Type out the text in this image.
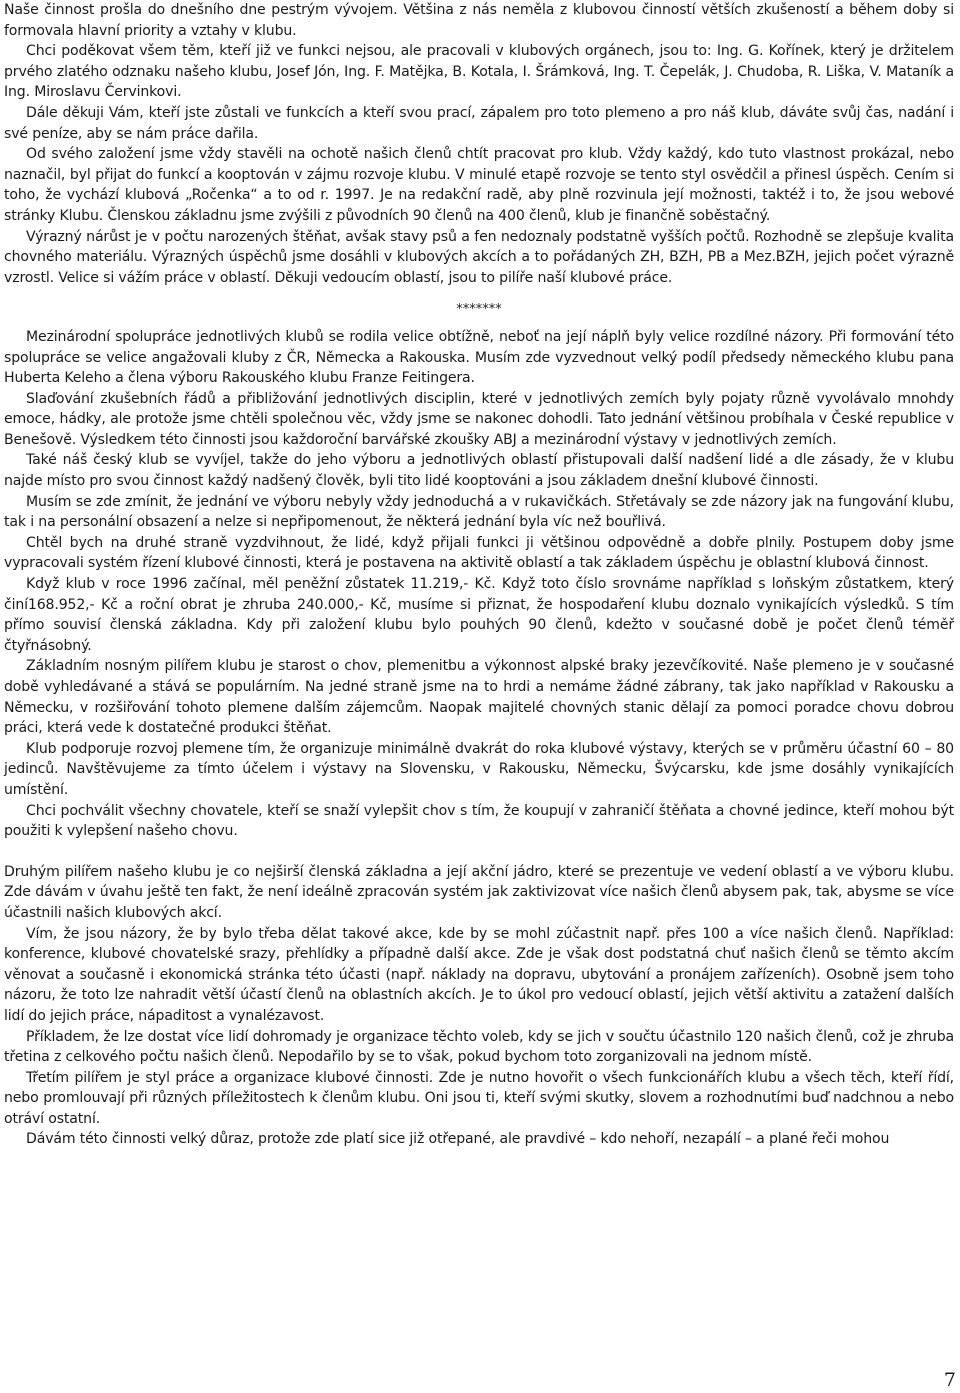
Naše činnost prošla do dnešního dne pestrým vývojem. Většina z nás neměla z klubovou činností větších zkušeností a během doby si formovala hlavní priority a vztahy v klubu.

Chci poděkovat všem těm, kteří již ve funkci nejsou, ale pracovali v klubových orgánech, jsou to: Ing. G. Kořínek, který je držitelem prvého zlatého odznaku našeho klubu, Josef Jón, Ing. F. Matějka, B. Kotala, I. Šrámková, Ing. T. Čepelák, J. Chudoba, R. Liška, V. Mataník a Ing. Miroslavu Červinkovi.

Dále děkuji Vám, kteří jste zůstali ve funkcích a kteří svou prací, zápalem pro toto plemeno a pro náš klub, dáváte svůj čas, nadání i své peníze, aby se nám práce dařila.

Od svého založení jsme vždy stavěli na ochotě našich členů chtít pracovat pro klub. Vždy každý, kdo tuto vlastnost prokázal, nebo naznačil, byl přijat do funkcí a kooptován v zájmu rozvoje klubu. V minulé etapě rozvoje se tento styl osvědčil a přinesl úspěch. Cením si toho, že vychází klubová „Ročenka“ a to od r. 1997. Je na redakční radě, aby plně rozvinula její možnosti, taktéž i to, že jsou webové stránky Klubu. Členskou základnu jsme zvýšili z původních 90 členů na 400 členů, klub je finančně soběstačný.

Výrazný nárůst je v počtu narozených štěňat, avšak stavy psů a fen nedoznaly podstatně vyšších počtů. Rozhodně se zlepšuje kvalita chovného materiálu. Výrazných úspěchů jsme dosáhli v klubových akcích a to pořádaných ZH, BZH, PB a Mez.BZH, jejich počet výrazně vzrostl. Velice si vážím práce v oblastí. Děkuji vedoucím oblastí, jsou to pilíře naší klubové práce.

*******

Mezinárodní spolupráce jednotlivých klubů se rodila velice obtížně, neboť na její náplň byly velice rozdílné názory. Při formování této spolupráce se velice angažovali kluby z ČR, Německa a Rakouska. Musím zde vyzvednout velký podíl předsedy německého klubu pana Huberta Keleho a člena výboru Rakouského klubu Franze Feitingera.

Slaďování zkušebních řádů a přibližování jednotlivých disciplin, které v jednotlivých zemích byly pojaty různě vyvolávalo mnohdy emoce, hádky, ale protože jsme chtěli společnou věc, vždy jsme se nakonec dohodli. Tato jednání většinou probíhala v České republice v Benešově. Výsledkem této činnosti jsou každoroční barvářské zkoušky ABJ a mezinárodní výstavy v jednotlivých zemích.

Také náš český klub se vyvíjel, takže do jeho výboru a jednotlivých oblastí přistupovali další nadšení lidé a dle zásady, že v klubu najde místo pro svou činnost každý nadšený člověk, byli tito lidé kooptováni a jsou základem dnešní klubové činnosti.

Musím se zde zmínit, že jednání ve výboru nebyly vždy jednoduchá a v rukavičkách. Střetávaly se zde názory jak na fungování klubu, tak i na personální obsazení a nelze si nepřipomenout, že některá jednání byla víc než bouřlivá.

Chtěl bych na druhé straně vyzdvihnout, že lidé, když přijali funkci ji většinou odpovědně a dobře plnily. Postupem doby jsme vypracovali systém řízení klubové činnosti, která je postavena na aktivitě oblastí a tak základem úspěchu je oblastní klubová činnost.

Když klub v roce 1996 začínal, měl peněžní zůstatek 11.219,- Kč. Když toto číslo srovnáme například s loňským zůstatkem, který činí168.952,- Kč a roční obrat je zhruba 240.000,- Kč, musíme si přiznat, že hospodaření klubu doznalo vynikajících výsledků. S tím přímo souvisí členská základna. Kdy při založení klubu bylo pouhých 90 členů, kdežto v současné době je počet členů téměř čtyřnásobný.

Základním nosným pilířem klubu je starost o chov, plemenitbu a výkonnost alpské braky jezevčíkovité. Naše plemeno je v současné době vyhledávané a stává se populárním. Na jedné straně jsme na to hrdi a nemáme žádné zábrany, tak jako například v Rakousku a Německu, v rozšiřování tohoto plemene dalším zájemcům. Naopak majitelé chovných stanic dělají za pomoci poradce chovu dobrou práci, která vede k dostatečné produkci štěňat.

Klub podporuje rozvoj plemene tím, že organizuje minimálně dvakrát do roka klubové výstavy, kterých se v průměru účastní 60 – 80 jedinců. Navštěvujeme za tímto účelem i výstavy na Slovensku, v Rakousku, Německu, Švýcarsku, kde jsme dosáhly vynikajících umístění.

Chci pochválit všechny chovatele, kteří se snaží vylepšit chov s tím, že koupují v zahraničí štěňata a chovné jedince, kteří mohou být použiti k vylepšení našeho chovu.

Druhým pilířem našeho klubu je co nejširší členská základna a její akční jádro, které se prezentuje ve vedení oblastí a ve výboru klubu. Zde dávám v úvahu ještě ten fakt, že není ideálně zpracován systém jak zaktivizovat více našich členů abysem pak, tak, abysme se více účastnili našich klubových akcí.

Vím, že jsou názory, že by bylo třeba dělat takové akce, kde by se mohl zúčastnit např. přes 100 a více našich členů. Například: konference, klubové chovatelské srazy, přehlídky a případně další akce. Zde je však dost podstatná chuť našich členů se těmto akcím věnovat a současně i ekonomická stránka této účasti (např. náklady na dopravu, ubytování a pronájem zařízeních). Osobně jsem toho názoru, že toto lze nahradit větší účastí členů na oblastních akcích. Je to úkol pro vedoucí oblastí, jejich větší aktivitu a zatažení dalších lidí do jejich práce, nápaditost a vynalézavost.

Příkladem, že lze dostat více lidí dohromady je organizace těchto voleb, kdy se jich v součtu účastnilo 120 našich členů, což je zhruba třetina z celkového počtu našich členů. Nepodařilo by se to však, pokud bychom toto zorganizovali na jednom místě.

Třetím pilířem je styl práce a organizace klubové činnosti. Zde je nutno hovořit o všech funkcionářích klubu a všech těch, kteří řídí, nebo promlouvají při různých příležitostech k členům klubu. Oni jsou ti, kteří svými skutky, slovem a rozhodnutími buď nadchnou a nebo otráví ostatní.

Dávám této činnosti velký důraz, protože zde platí sice již otřepané, ale pravdivé – kdo nehoří, nezapálí – a plané řeči mohou

7
